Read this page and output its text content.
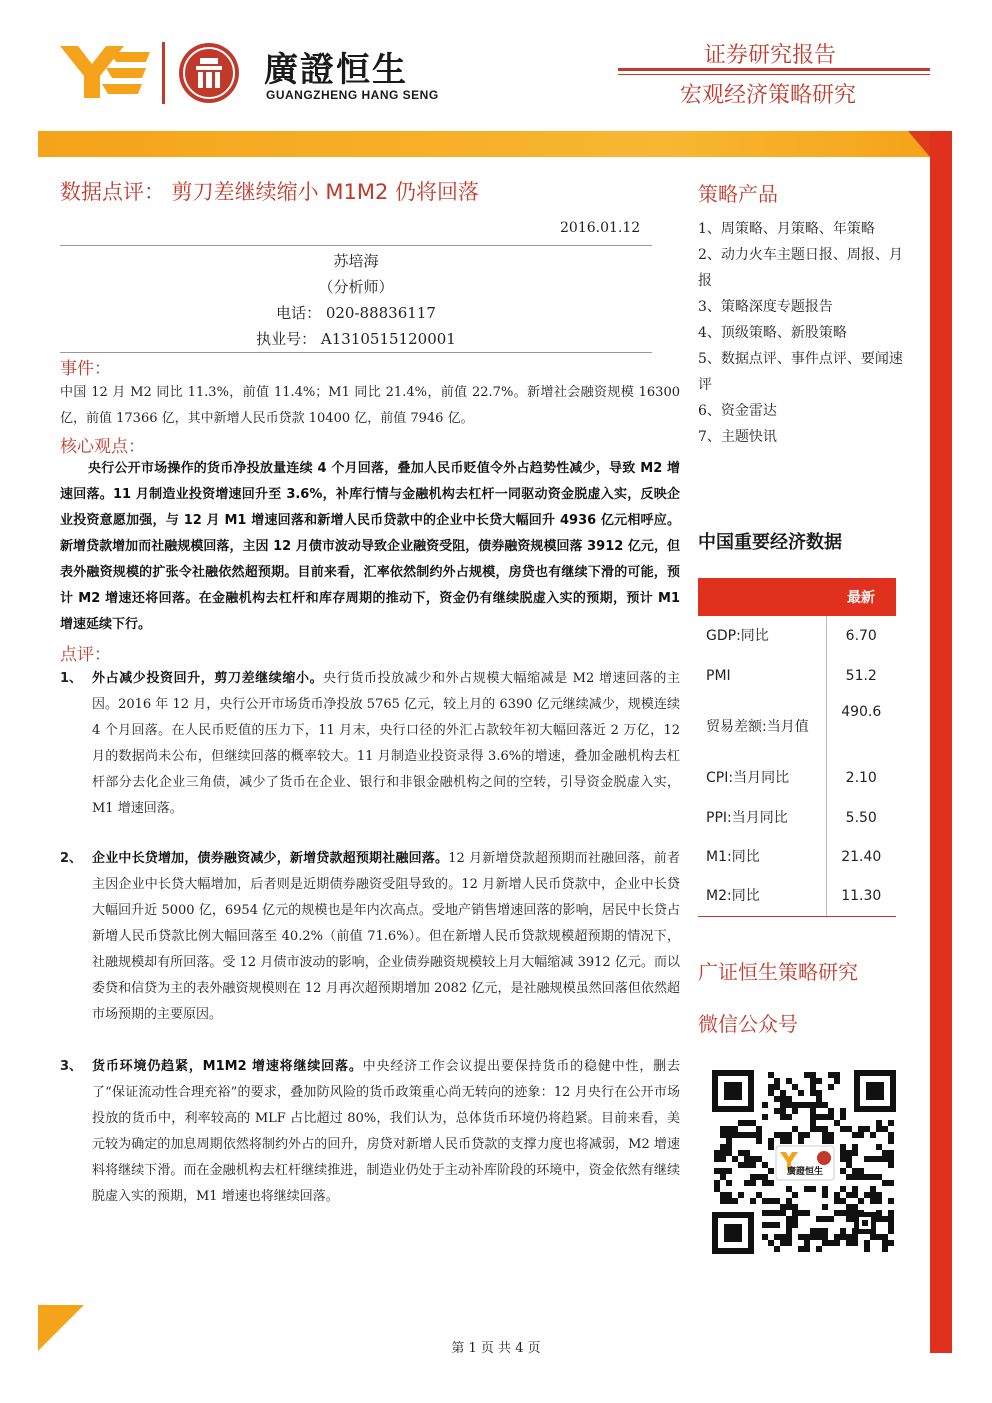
廣證恒生
GUANGZHENG HANG SENG
证券研究报告
宏观经济策略研究
数据点评： 剪刀差继续缩小 M1M2 仍将回落
2016.01.12
苏培海
（分析师）
电话： 020-88836117
执业号： A1310515120001
事件：
中国 12 月 M2 同比 11.3%，前值 11.4%；M1 同比 21.4%，前值 22.7%。新增社会融资规模 16300 亿，前值 17366 亿，其中新增人民币贷款 10400 亿，前值 7946 亿。
核心观点：
央行公开市场操作的货币净投放量连续 4 个月回落，叠加人民币贬值令外占趋势性减少，导致 M2 增速回落。11 月制造业投资增速回升至 3.6%，补库行情与金融机构去杠杆一同驱动资金脱虚入实，反映企业投资意愿加强，与 12 月 M1 增速回落和新增人民币贷款中的企业中长贷大幅回升 4936 亿元相呼应。新增贷款增加而社融规模回落，主因 12 月债市波动导致企业融资受阻，债券融资规模回落 3912 亿元，但表外融资规模的扩张令社融依然超预期。目前来看，汇率依然制约外占规模，房贷也有继续下滑的可能，预计 M2 增速还将回落。在金融机构去杠杆和库存周期的推动下，资金仍有继续脱虚入实的预期，预计 M1 增速延续下行。
点评：
1、 外占减少投资回升，剪刀差继续缩小。央行货币投放减少和外占规模大幅缩减是 M2 增速回落的主因。2016 年 12 月，央行公开市场货币净投放 5765 亿元，较上月的 6390 亿元继续减少，规模连续 4 个月回落。在人民币贬值的压力下，11 月末，央行口径的外汇占款较年初大幅回落近 2 万亿，12 月的数据尚未公布，但继续回落的概率较大。11 月制造业投资录得 3.6%的增速，叠加金融机构去杠杆部分去化企业三角债，减少了货币在企业、银行和非银金融机构之间的空转，引导资金脱虚入实，M1 增速回落。
2、 企业中长贷增加，债券融资减少，新增贷款超预期社融回落。12 月新增贷款超预期而社融回落，前者主因企业中长贷大幅增加，后者则是近期债券融资受阻导致的。12 月新增人民币贷款中，企业中长贷大幅回升近 5000 亿，6954 亿元的规模也是年内次高点。受地产销售增速回落的影响，居民中长贷占新增人民币贷款比例大幅回落至 40.2%（前值 71.6%）。但在新增人民币贷款规模超预期的情况下，社融规模却有所回落。受 12 月债市波动的影响，企业债券融资规模较上月大幅缩减 3912 亿元。而以委贷和信贷为主的表外融资规模则在 12 月再次超预期增加 2082 亿元，是社融规模虽然回落但依然超市场预期的主要原因。
3、 货币环境仍趋紧，M1M2 增速将继续回落。中央经济工作会议提出要保持货币的稳健中性，删去了“保证流动性合理充裕”的要求，叠加防风险的货币政策重心尚无转向的迹象：12 月央行在公开市场投放的货币中，利率较高的 MLF 占比超过 80%，我们认为，总体货币环境仍将趋紧。目前来看，美元较为确定的加息周期依然将制约外占的回升，房贷对新增人民币贷款的支撑力度也将减弱，M2 增速料将继续下滑。而在金融机构去杠杆继续推进，制造业仍处于主动补库阶段的环境中，资金依然有继续脱虚入实的预期，M1 增速也将继续回落。
策略产品
1、周策略、月策略、年策略
2、动力火车主题日报、周报、月报
3、策略深度专题报告
4、顶级策略、新股策略
5、数据点评、事件点评、要闻速评
6、资金雷达
7、主题快讯
中国重要经济数据
	最新
GDP:同比	6.70
PMI	51.2
贸易差额:当月值	490.6
CPI:当月同比	2.10
PPI:当月同比	5.50
M1:同比	21.40
M2:同比	11.30
广证恒生策略研究
微信公众号
廣證恒生
第 1 页 共 4 页
